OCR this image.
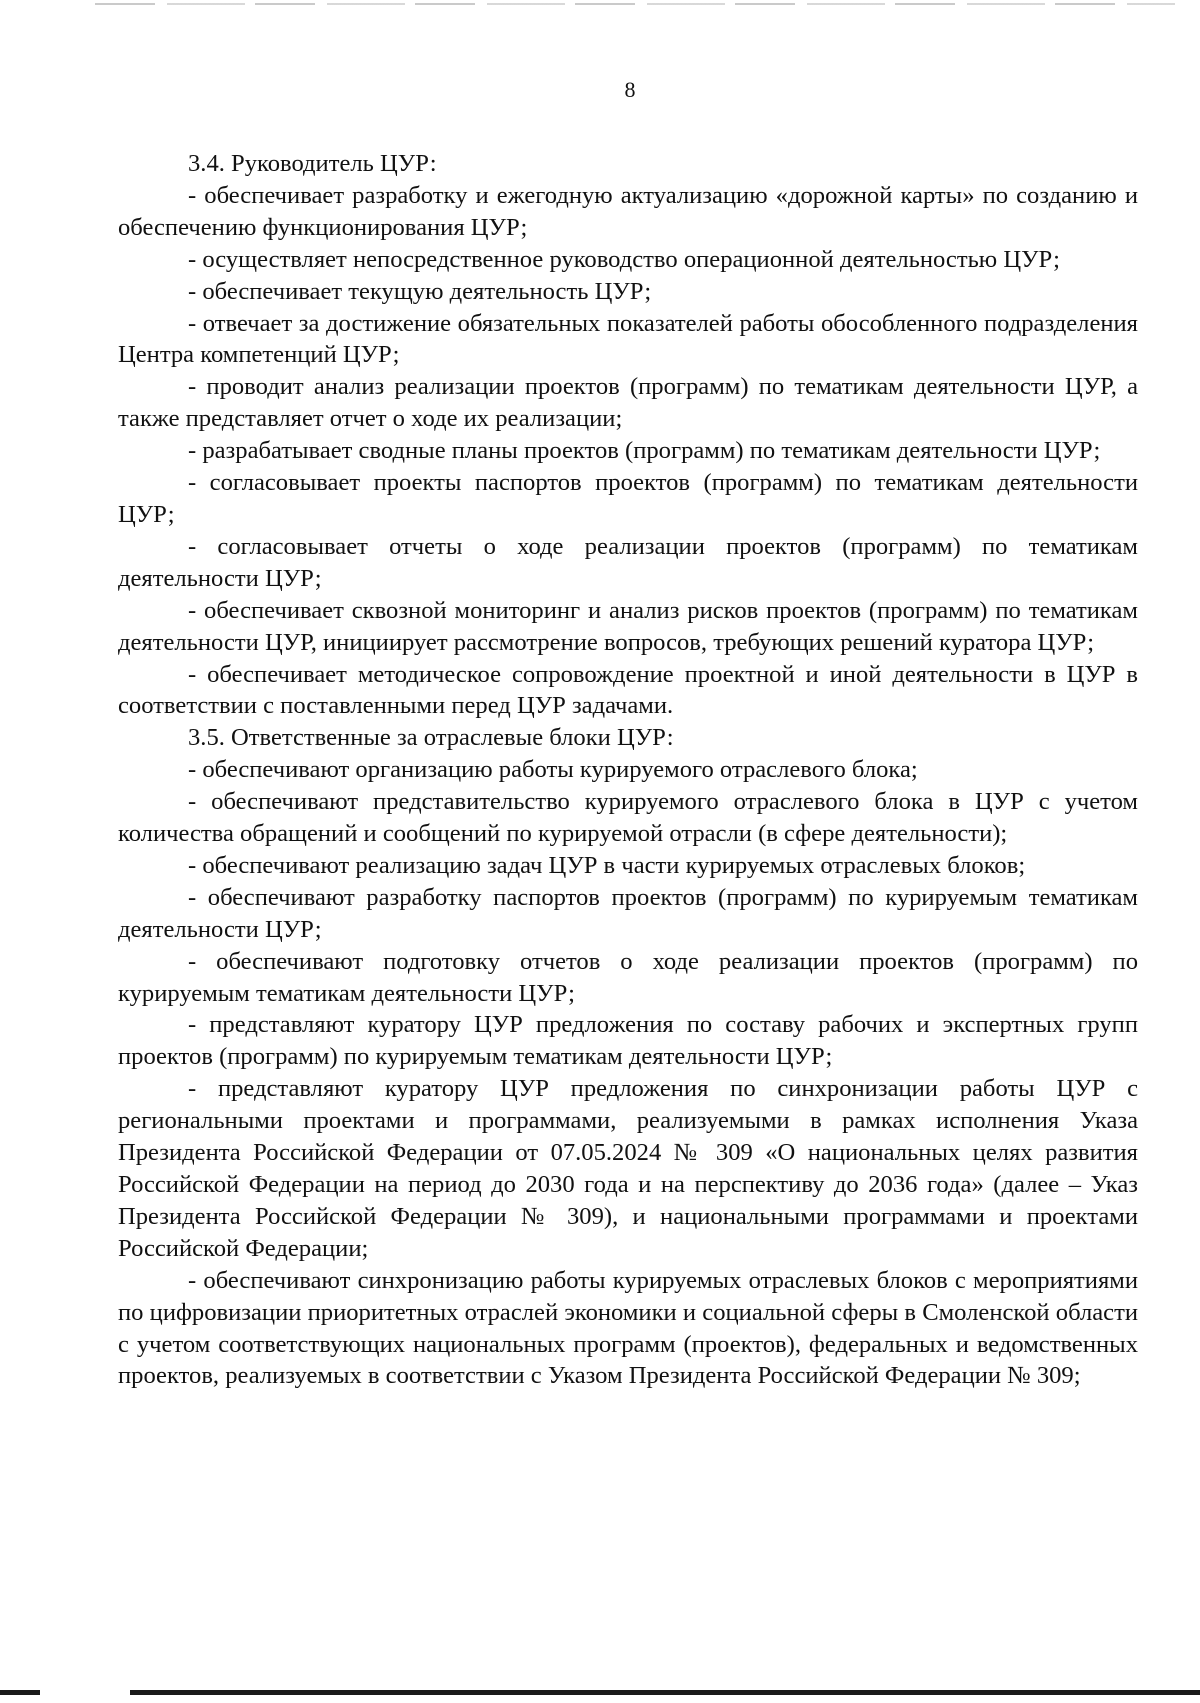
8

3.4. Руководитель ЦУР:

- обеспечивает разработку и ежегодную актуализацию «дорожной карты» по созданию и обеспечению функционирования ЦУР;

- осуществляет непосредственное руководство операционной деятельностью ЦУР;

- обеспечивает текущую деятельность ЦУР;

- отвечает за достижение обязательных показателей работы обособленного подразделения Центра компетенций ЦУР;

- проводит анализ реализации проектов (программ) по тематикам деятельности ЦУР, а также представляет отчет о ходе их реализации;

- разрабатывает сводные планы проектов (программ) по тематикам деятельности ЦУР;

- согласовывает проекты паспортов проектов (программ) по тематикам деятельности ЦУР;

- согласовывает отчеты о ходе реализации проектов (программ) по тематикам деятельности ЦУР;

- обеспечивает сквозной мониторинг и анализ рисков проектов (программ) по тематикам деятельности ЦУР, инициирует рассмотрение вопросов, требующих решений куратора ЦУР;

- обеспечивает методическое сопровождение проектной и иной деятельности в ЦУР в соответствии с поставленными перед ЦУР задачами.

3.5. Ответственные за отраслевые блоки ЦУР:

- обеспечивают организацию работы курируемого отраслевого блока;

- обеспечивают представительство курируемого отраслевого блока в ЦУР с учетом количества обращений и сообщений по курируемой отрасли (в сфере деятельности);

- обеспечивают реализацию задач ЦУР в части курируемых отраслевых блоков;

- обеспечивают разработку паспортов проектов (программ) по курируемым тематикам деятельности ЦУР;

- обеспечивают подготовку отчетов о ходе реализации проектов (программ) по курируемым тематикам деятельности ЦУР;

- представляют куратору ЦУР предложения по составу рабочих и экспертных групп проектов (программ) по курируемым тематикам деятельности ЦУР;

- представляют куратору ЦУР предложения по синхронизации работы ЦУР с региональными проектами и программами, реализуемыми в рамках исполнения Указа Президента Российской Федерации от 07.05.2024 № 309 «О национальных целях развития Российской Федерации на период до 2030 года и на перспективу до 2036 года» (далее – Указ Президента Российской Федерации № 309), и национальными программами и проектами Российской Федерации;

- обеспечивают синхронизацию работы курируемых отраслевых блоков с мероприятиями по цифровизации приоритетных отраслей экономики и социальной сферы в Смоленской области с учетом соответствующих национальных программ (проектов), федеральных и ведомственных проектов, реализуемых в соответствии с Указом Президента Российской Федерации № 309;
